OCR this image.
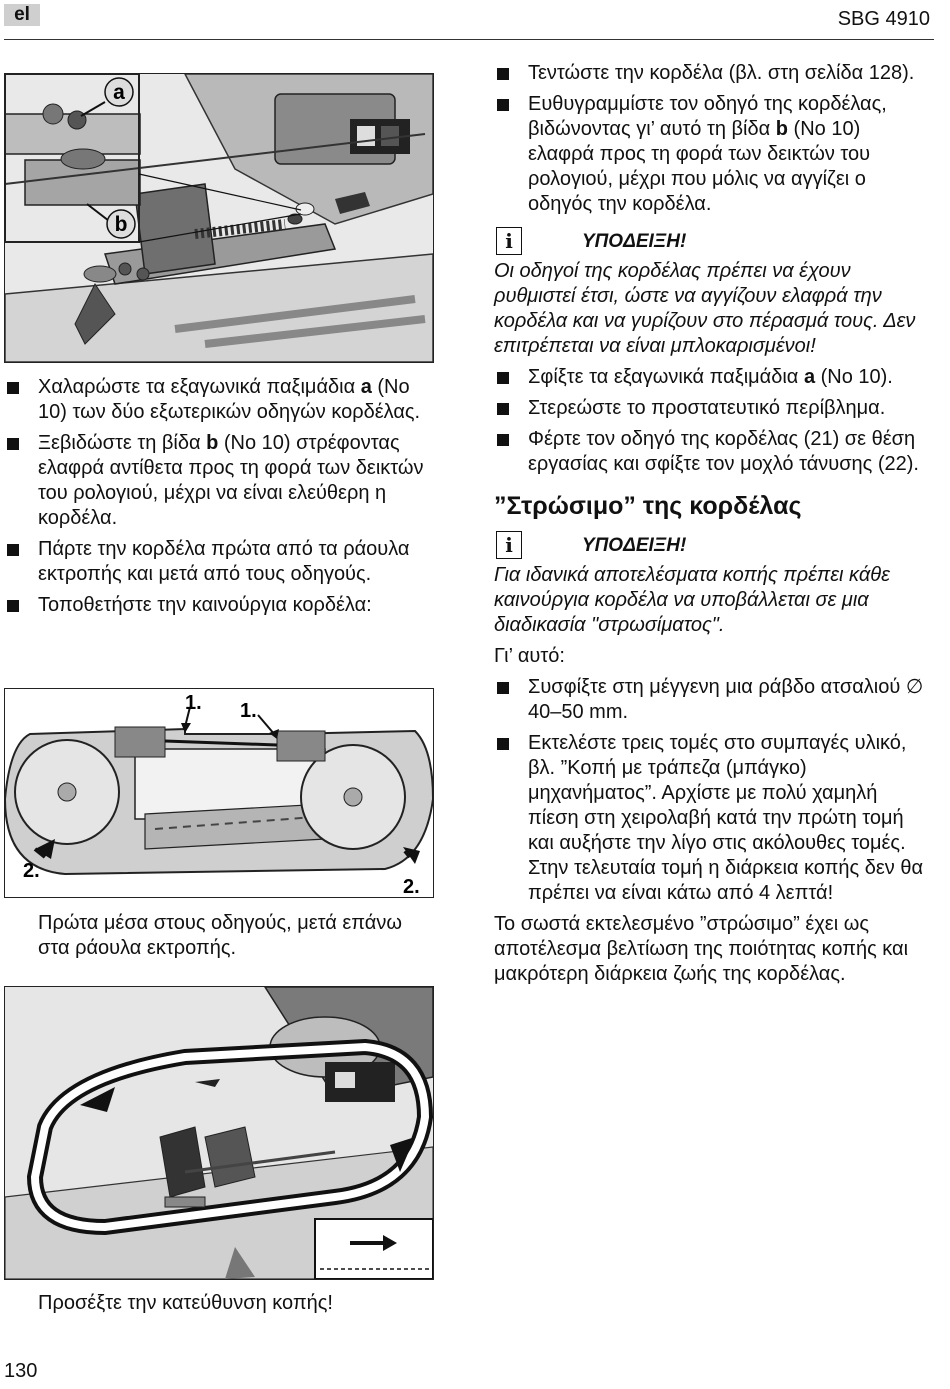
el	SBG 4910
a
b
Χαλαρώστε τα εξαγωνικά παξιμάδια a (No 10) των δύο εξωτερικών οδηγών κορδέλας.
Ξεβιδώστε τη βίδα b (No 10) στρέφοντας ελαφρά αντίθετα προς τη φορά των δεικτών του ρολογιού, μέχρι να είναι ελεύθερη η κορδέλα.
Πάρτε την κορδέλα πρώτα από τα ράουλα εκτροπής και μετά από τους οδηγούς.
Τοποθετήστε την καινούργια κορδέλα:
1. 1.
2.
2.
Πρώτα μέσα στους οδηγούς, μετά επάνω στα ράουλα εκτροπής.
Προσέξτε την κατεύθυνση κοπής!
Τεντώστε την κορδέλα (βλ. στη σελίδα 128).
Ευθυγραμμίστε τον οδηγό της κορδέλας, βιδώνοντας γι’ αυτό τη βίδα b (No 10) ελαφρά προς τη φορά των δεικτών του ρολογιού, μέχρι που μόλις να αγγίζει ο οδηγός την κορδέλα.
i	ΥΠΟΔΕΙΞΗ!
Οι οδηγοί της κορδέλας πρέπει να έχουν ρυθμιστεί έτσι, ώστε να αγγίζουν ελαφρά την κορδέλα και να γυρίζουν στο πέρασμά τους. Δεν επιτρέπεται να είναι μπλοκαρισμένοι!
Σφίξτε τα εξαγωνικά παξιμάδια a (No 10).
Στερεώστε το προστατευτικό περίβλημα.
Φέρτε τον οδηγό της κορδέλας (21) σε θέση εργασίας και σφίξτε τον μοχλό τάνυσης (22).
”Στρώσιμο” της κορδέλας
i	ΥΠΟΔΕΙΞΗ!
Για ιδανικά αποτελέσματα κοπής πρέπει κάθε καινούργια κορδέλα να υποβάλλεται σε μια διαδικασία "στρωσίματος".
Γι’ αυτό:
Συσφίξτε στη μέγγενη μια ράβδο ατσαλιού ∅ 40–50 mm.
Εκτελέστε τρεις τομές στο συμπαγές υλικό, βλ. ”Κοπή με τράπεζα (μπάγκο) μηχανήματος”. Αρχίστε με πολύ χαμηλή πίεση στη χειρολαβή κατά την πρώτη τομή και αυξήστε την λίγο στις ακόλουθες τομές. Στην τελευταία τομή η διάρκεια κοπής δεν θα πρέπει να είναι κάτω από 4 λεπτά!
Το σωστά εκτελεσμένο ”στρώσιμο” έχει ως αποτέλεσμα βελτίωση της ποιότητας κοπής και μακρότερη διάρκεια ζωής της κορδέλας.
130
